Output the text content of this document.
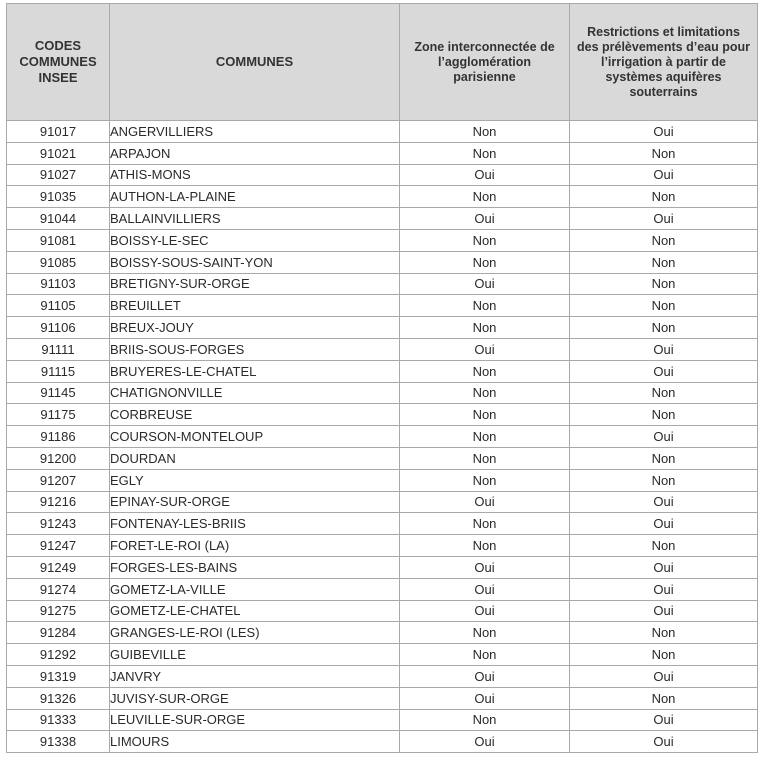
CODES COMMUNES INSEE	COMMUNES	Zone interconnectée de l’agglomération parisienne	Restrictions et limitations des prélèvements d’eau pour l’irrigation à partir de systèmes aquifères souterrains
91017	ANGERVILLIERS	Non	Oui
91021	ARPAJON	Non	Non
91027	ATHIS-MONS	Oui	Oui
91035	AUTHON-LA-PLAINE	Non	Non
91044	BALLAINVILLIERS	Oui	Oui
91081	BOISSY-LE-SEC	Non	Non
91085	BOISSY-SOUS-SAINT-YON	Non	Non
91103	BRETIGNY-SUR-ORGE	Oui	Non
91105	BREUILLET	Non	Non
91106	BREUX-JOUY	Non	Non
91111	BRIIS-SOUS-FORGES	Oui	Oui
91115	BRUYERES-LE-CHATEL	Non	Oui
91145	CHATIGNONVILLE	Non	Non
91175	CORBREUSE	Non	Non
91186	COURSON-MONTELOUP	Non	Oui
91200	DOURDAN	Non	Non
91207	EGLY	Non	Non
91216	EPINAY-SUR-ORGE	Oui	Oui
91243	FONTENAY-LES-BRIIS	Non	Oui
91247	FORET-LE-ROI (LA)	Non	Non
91249	FORGES-LES-BAINS	Oui	Oui
91274	GOMETZ-LA-VILLE	Oui	Oui
91275	GOMETZ-LE-CHATEL	Oui	Oui
91284	GRANGES-LE-ROI (LES)	Non	Non
91292	GUIBEVILLE	Non	Non
91319	JANVRY	Oui	Oui
91326	JUVISY-SUR-ORGE	Oui	Non
91333	LEUVILLE-SUR-ORGE	Non	Oui
91338	LIMOURS	Oui	Oui
